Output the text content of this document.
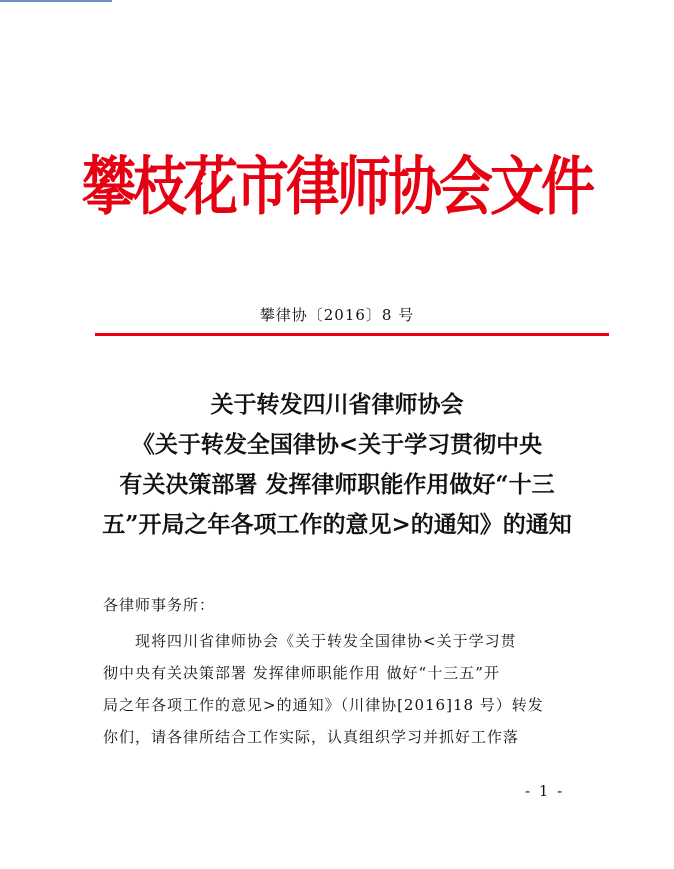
攀枝花市律师协会文件
攀律协〔2016〕8 号
关于转发四川省律师协会
《关于转发全国律协<关于学习贯彻中央
有关决策部署 发挥律师职能作用做好“十三
五”开局之年各项工作的意见>的通知》的通知
各律师事务所：
现将四川省律师协会《关于转发全国律协<关于学习贯
彻中央有关决策部署 发挥律师职能作用 做好“十三五”开
局之年各项工作的意见>的通知》（川律协[2016]18 号）转发
你们，请各律所结合工作实际，认真组织学习并抓好工作落
- 1 -
